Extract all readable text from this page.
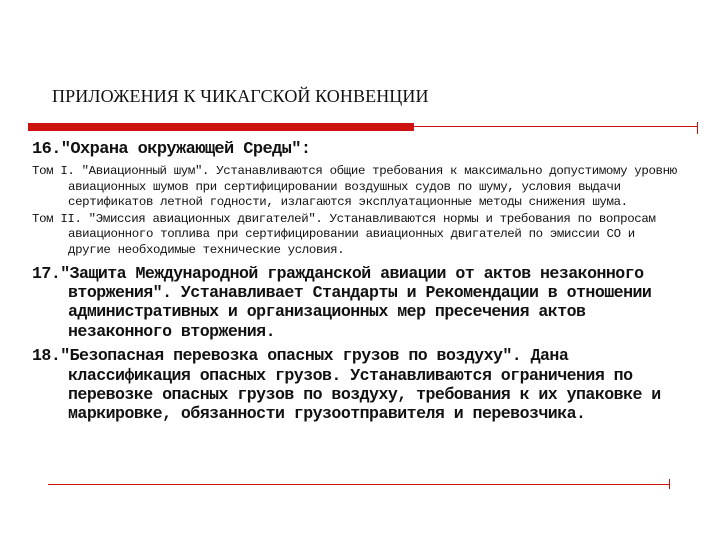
ПРИЛОЖЕНИЯ К ЧИКАГСКОЙ КОНВЕНЦИИ
16."Охрана окружающей Среды":
Том I. "Авиационный шум". Устанавливаются общие требования к максимально допустимому уровню авиационных шумов при сертифицировании воздушных судов по шуму, условия выдачи сертификатов летной годности, излагаются эксплуатационные методы снижения шума.
Том II. "Эмиссия авиационных двигателей". Устанавливаются нормы и требования по вопросам авиационного топлива при сертифицировании авиационных двигателей по эмиссии СО и другие необходимые технические условия.
17."Защита Международной гражданской авиации от актов незаконного вторжения". Устанавливает Стандарты и Рекомендации в отношении административных и организационных мер пресечения актов незаконного вторжения.
18."Безопасная перевозка опасных грузов по воздуху". Дана классификация опасных грузов. Устанавливаются ограничения по перевозке опасных грузов по воздуху, требования к их упаковке и маркировке, обязанности грузоотправителя и перевозчика.
